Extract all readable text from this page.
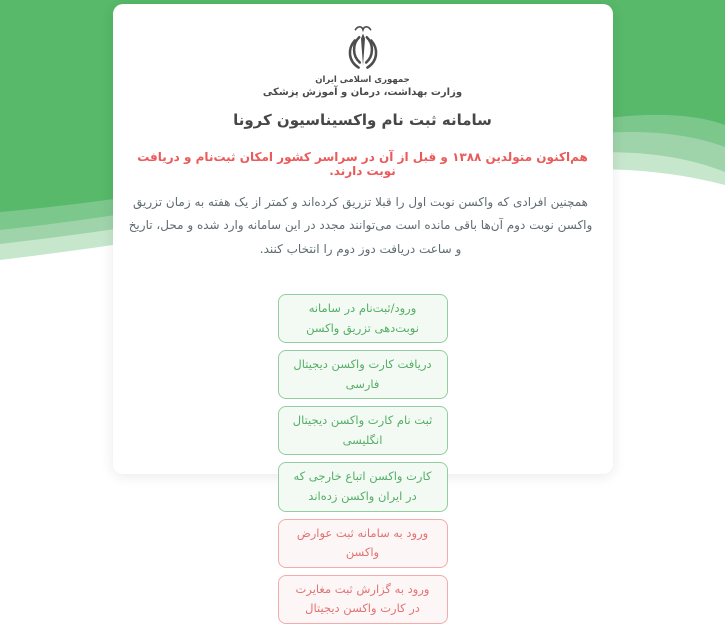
جمهوری اسلامی ایران
وزارت بهداشت، درمان و آموزش پزشکی
سامانه ثبت نام واکسیناسیون کرونا

هم‌اکنون متولدین ۱۳۸۸ و قبل از آن در سراسر کشور امکان ثبت‌نام و دریافت نوبت دارند.

همچنین افرادی که واکسن نوبت اول را قبلا تزریق کرده‌اند و کمتر از یک هفته به زمان تزریق واکسن نوبت دوم آن‌ها باقی مانده است می‌توانند مجدد در این سامانه وارد شده و محل، تاریخ و ساعت دریافت دوز دوم را انتخاب کنند.

ورود/ثبت‌نام در سامانه نوبت‌دهی تزریق واکسن
دریافت کارت واکسن دیجیتال فارسی
ثبت نام کارت واکسن دیجیتال انگلیسی
کارت واکسن اتباع خارجی که در ایران واکسن زده‌اند
ورود به سامانه ثبت عوارض واکسن
ورود به گزارش ثبت مغایرت در کارت واکسن دیجیتال
